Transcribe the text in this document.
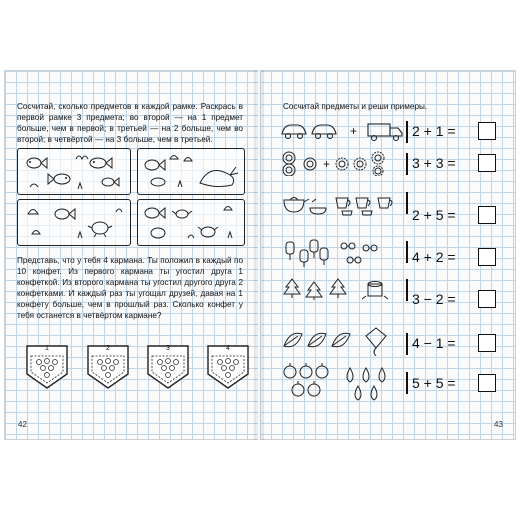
Сосчитай, сколько предметов в каждой рамке. Раскрась в первой рамке 3 предмета; во второй — на 1 предмет больше, чем в первой; в третьей — на 2 больше, чем во второй; в четвёртой — на 3 больше, чем в третьей.
Представь, что у тебя 4 кармана. Ты положил в каждый по 10 конфет. Из первого кармана ты угостил друга 1 конфеткой. Из второго кармана ты угостил другого друга 2 конфетками. И каждый раз ты угощал друзей, давая на 1 конфету больше, чем в прошлый раз. Сколько конфет у тебя останется в четвёртом кармане?
1	2	3	4
42
Сосчитай предметы и реши примеры.
+	2 + 1 =
+	3 + 3 =
2 + 5 =
4 + 2 =
3 − 2 =
4 − 1 =
5 + 5 =
43
